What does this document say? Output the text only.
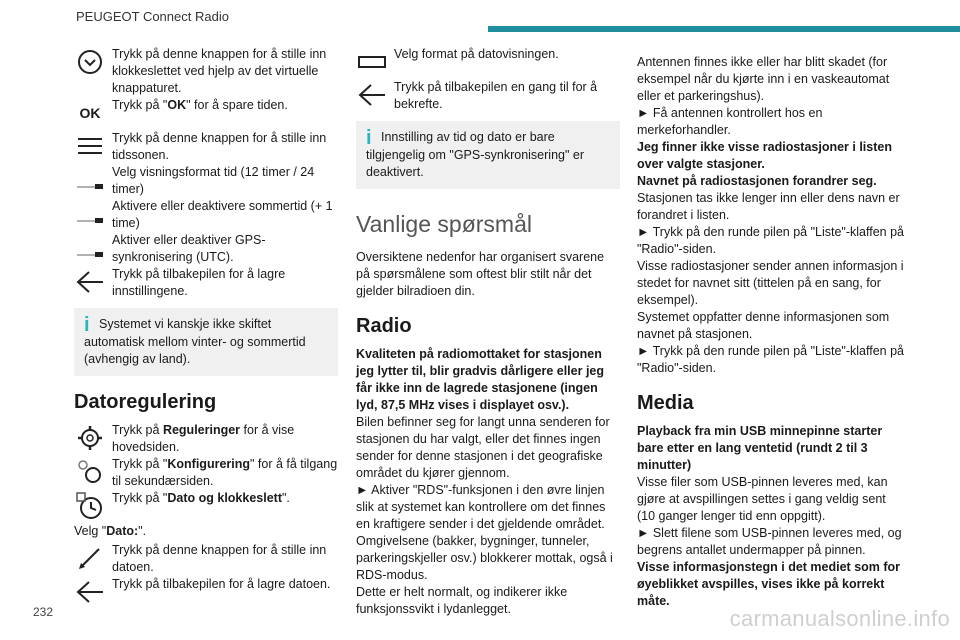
PEUGEOT Connect Radio

Trykk på denne knappen for å stille inn klokkeslettet ved hjelp av det virtuelle knappaturet.

OK Trykk på "OK" for å spare tiden.

Trykk på denne knappen for å stille inn tidssonen.

Velg visningsformat tid (12 timer / 24 timer)

Aktivere eller deaktivere sommertid (+ 1 time)

Aktiver eller deaktiver GPS-synkronisering (UTC).

Trykk på tilbakepilen for å lagre innstillingene.

i Systemet vi kanskje ikke skiftet automatisk mellom vinter- og sommertid (avhengig av land).
Datoregulering

Trykk på Reguleringer for å vise hovedsiden.

Trykk på "Konfigurering" for å få tilgang til sekundærsiden.

Trykk på "Dato og klokkeslett".

Velg "Dato:".

Trykk på denne knappen for å stille inn datoen.

Trykk på tilbakepilen for å lagre datoen.

Velg format på datovisningen.

Trykk på tilbakepilen en gang til for å bekrefte.

i Innstilling av tid og dato er bare tilgjengelig om "GPS-synkronisering" er deaktivert.
Vanlige spørsmål

Oversiktene nedenfor har organisert svarene på spørsmålene som oftest blir stilt når det gjelder bilradioen din.

Radio

Kvaliteten på radiomottaket for stasjonen jeg lytter til, blir gradvis dårligere eller jeg får ikke inn de lagrede stasjonene (ingen lyd, 87,5 MHz vises i displayet osv.).

Bilen befinner seg for langt unna senderen for stasjonen du har valgt, eller det finnes ingen sender for denne stasjonen i det geografiske området du kjører gjennom.

► Aktiver "RDS"-funksjonen i den øvre linjen slik at systemet kan kontrollere om det finnes en kraftigere sender i det gjeldende området.

Omgivelsene (bakker, bygninger, tunneler, parkeringskjeller osv.) blokkerer mottak, også i RDS-modus.

Dette er helt normalt, og indikerer ikke funksjonssvikt i lydanlegget.

Antennen finnes ikke eller har blitt skadet (for eksempel når du kjørte inn i en vaskeautomat eller et parkeringshus).

► Få antennen kontrollert hos en merkeforhandler.

Jeg finner ikke visse radiostasjoner i listen over valgte stasjoner.

Navnet på radiostasjonen forandrer seg.

Stasjonen tas ikke lenger inn eller dens navn er forandret i listen.

► Trykk på den runde pilen på "Liste"-klaffen på "Radio"-siden.

Visse radiostasjoner sender annen informasjon i stedet for navnet sitt (tittelen på en sang, for eksempel).

Systemet oppfatter denne informasjonen som navnet på stasjonen.

► Trykk på den runde pilen på "Liste"-klaffen på "Radio"-siden.

Media

Playback fra min USB minnepinne starter bare etter en lang ventetid (rundt 2 til 3 minutter)

Visse filer som USB-pinnen leveres med, kan gjøre at avspillingen settes i gang veldig sent (10 ganger lenger tid enn oppgitt).

► Slett filene som USB-pinnen leveres med, og begrens antallet undermapper på pinnen.

Visse informasjonstegn i det mediet som for øyeblikket avspilles, vises ikke på korrekt måte.

232	carmanualsonline.info
